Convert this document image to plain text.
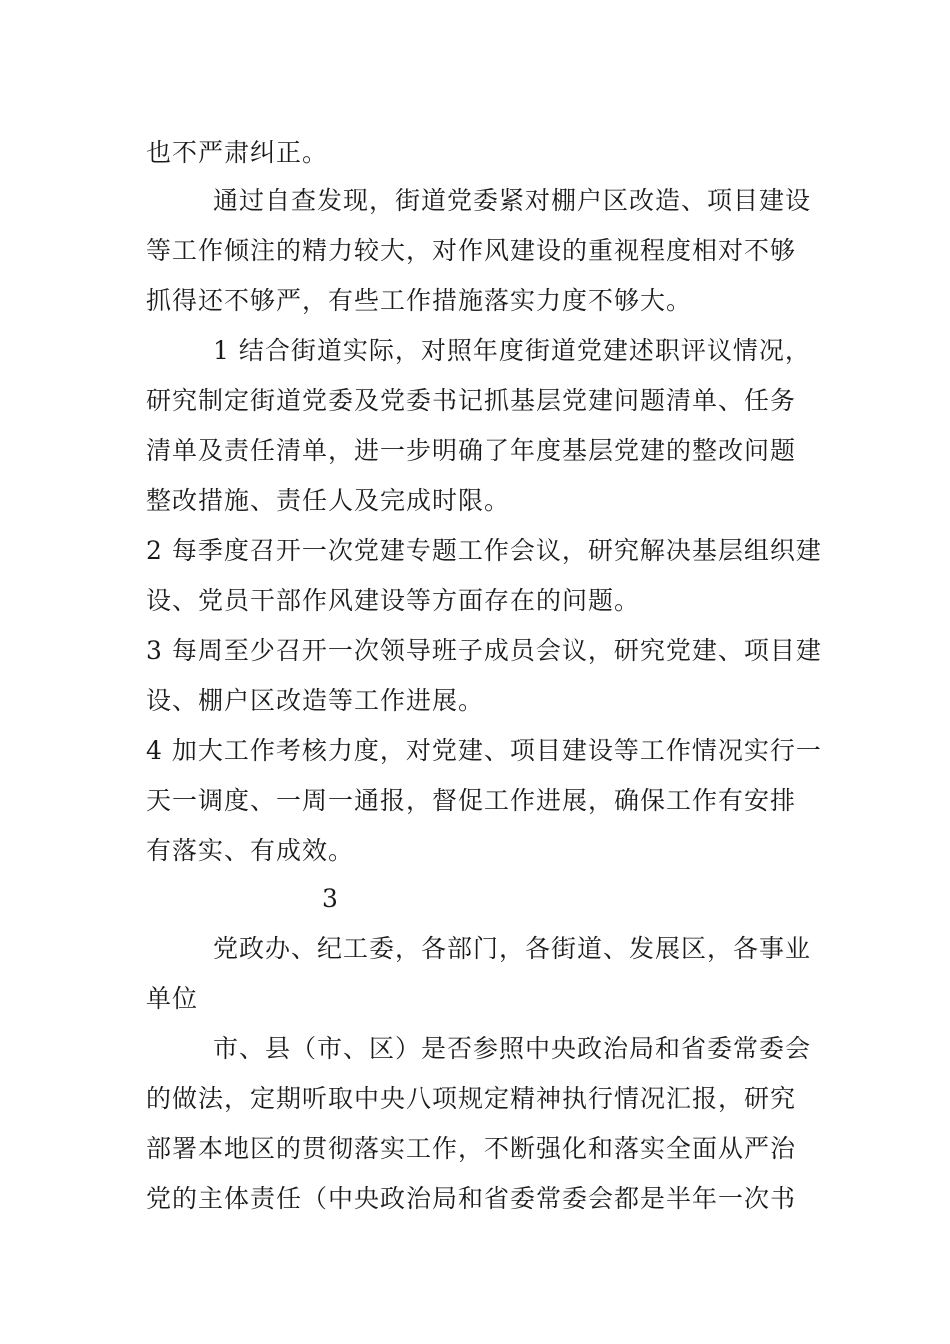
也不严肃纠正。
通过自查发现，街道党委紧对棚户区改造、项目建设
等工作倾注的精力较大，对作风建设的重视程度相对不够
抓得还不够严，有些工作措施落实力度不够大。
1 结合街道实际，对照年度街道党建述职评议情况，
研究制定街道党委及党委书记抓基层党建问题清单、任务
清单及责任清单，进一步明确了年度基层党建的整改问题
整改措施、责任人及完成时限。
2 每季度召开一次党建专题工作会议，研究解决基层组织建
设、党员干部作风建设等方面存在的问题。
3 每周至少召开一次领导班子成员会议，研究党建、项目建
设、棚户区改造等工作进展。
4 加大工作考核力度，对党建、项目建设等工作情况实行一
天一调度、一周一通报，督促工作进展，确保工作有安排
有落实、有成效。
3
党政办、纪工委，各部门，各街道、发展区，各事业
单位
市、县（市、区）是否参照中央政治局和省委常委会
的做法，定期听取中央八项规定精神执行情况汇报，研究
部署本地区的贯彻落实工作，不断强化和落实全面从严治
党的主体责任（中央政治局和省委常委会都是半年一次书
